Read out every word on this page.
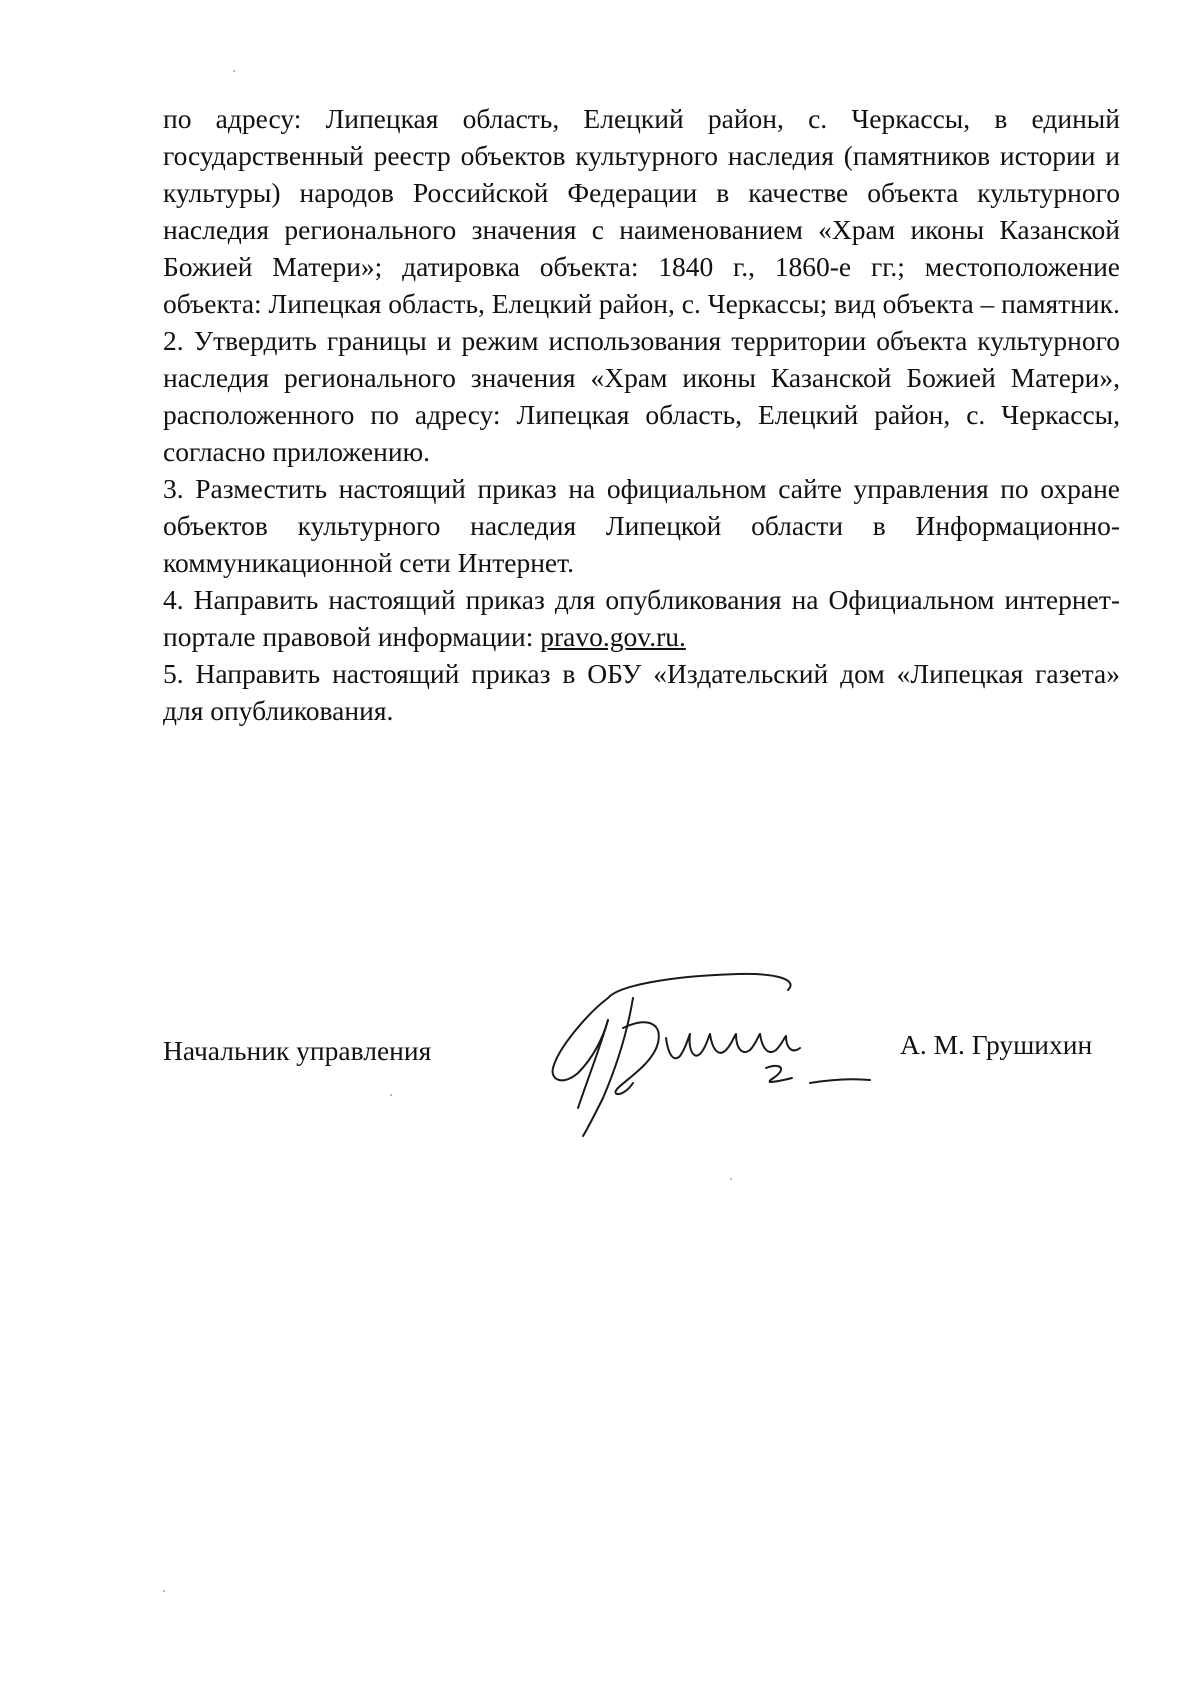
по адресу: Липецкая область, Елецкий район, с. Черкассы, в единый государственный реестр объектов культурного наследия (памятников истории и культуры) народов Российской Федерации в качестве объекта культурного наследия регионального значения с наименованием «Храм иконы Казанской Божией Матери»; датировка объекта: 1840 г., 1860-е гг.; местоположение объекта: Липецкая область, Елецкий район, с. Черкассы; вид объекта – памятник.

2. Утвердить границы и режим использования территории объекта культурного наследия регионального значения «Храм иконы Казанской Божией Матери», расположенного по адресу: Липецкая область, Елецкий район, с. Черкассы, согласно приложению.

3. Разместить настоящий приказ на официальном сайте управления по охране объектов культурного наследия Липецкой области в Информационно-коммуникационной сети Интернет.

4. Направить настоящий приказ для опубликования на Официальном интернет-портале правовой информации: pravo.gov.ru.

5. Направить настоящий приказ в ОБУ «Издательский дом «Липецкая газета» для опубликования.

Начальник управления	А. М. Грушихин
